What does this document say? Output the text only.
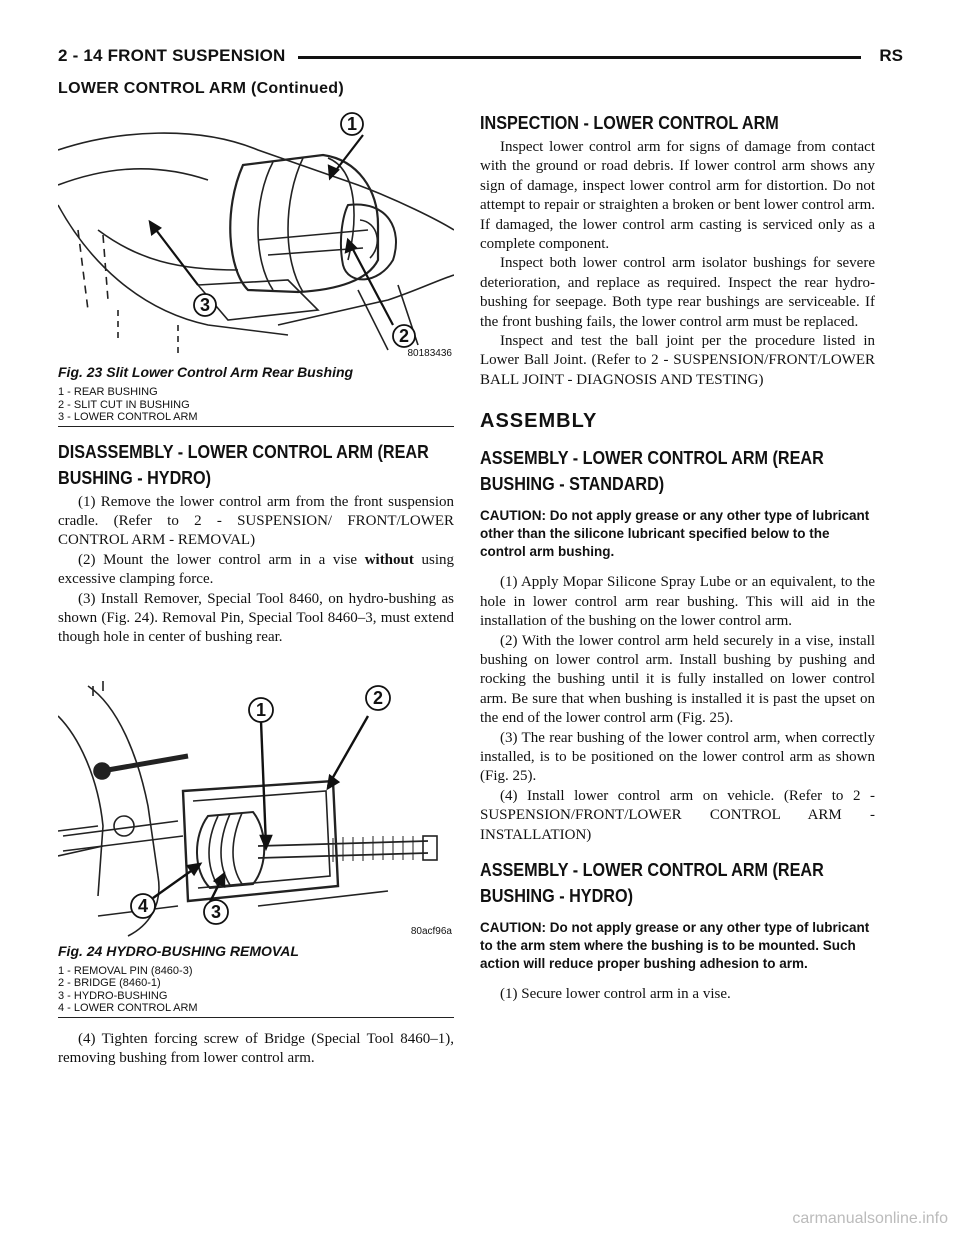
2 - 14 FRONT SUSPENSION	RS
LOWER CONTROL ARM (Continued)
1
2
3
80183436
Fig. 23 Slit Lower Control Arm Rear Bushing
1 - REAR BUSHING
2 - SLIT CUT IN BUSHING
3 - LOWER CONTROL ARM
DISASSEMBLY - LOWER CONTROL ARM (REAR BUSHING - HYDRO)

(1) Remove the lower control arm from the front suspension cradle. (Refer to 2 - SUSPENSION/ FRONT/LOWER CONTROL ARM - REMOVAL)

(2) Mount the lower control arm in a vise without using excessive clamping force.

(3) Install Remover, Special Tool 8460, on hydro-bushing as shown (Fig. 24). Removal Pin, Special Tool 8460–3, must extend though hole in center of bushing rear.

1
2
3
4
80acf96a
Fig. 24 HYDRO-BUSHING REMOVAL
1 - REMOVAL PIN (8460-3)
2 - BRIDGE (8460-1)
3 - HYDRO-BUSHING
4 - LOWER CONTROL ARM

(4) Tighten forcing screw of Bridge (Special Tool 8460–1), removing bushing from lower control arm.

INSPECTION - LOWER CONTROL ARM

Inspect lower control arm for signs of damage from contact with the ground or road debris. If lower control arm shows any sign of damage, inspect lower control arm for distortion. Do not attempt to repair or straighten a broken or bent lower control arm. If damaged, the lower control arm casting is serviced only as a complete component.

Inspect both lower control arm isolator bushings for severe deterioration, and replace as required. Inspect the rear hydro-bushing for seepage. Both type rear bushings are serviceable. If the front bushing fails, the lower control arm must be replaced.

Inspect and test the ball joint per the procedure listed in Lower Ball Joint. (Refer to 2 - SUSPENSION/FRONT/LOWER BALL JOINT - DIAGNOSIS AND TESTING)

ASSEMBLY
ASSEMBLY - LOWER CONTROL ARM (REAR BUSHING - STANDARD)

CAUTION: Do not apply grease or any other type of lubricant other than the silicone lubricant specified below to the control arm bushing.

(1) Apply Mopar Silicone Spray Lube or an equivalent, to the hole in lower control arm rear bushing. This will aid in the installation of the bushing on the lower control arm.

(2) With the lower control arm held securely in a vise, install bushing on lower control arm. Install bushing by pushing and rocking the bushing until it is fully installed on lower control arm. Be sure that when bushing is installed it is past the upset on the end of the lower control arm (Fig. 25).

(3) The rear bushing of the lower control arm, when correctly installed, is to be positioned on the lower control arm as shown (Fig. 25).

(4) Install lower control arm on vehicle. (Refer to 2 - SUSPENSION/FRONT/LOWER CONTROL ARM - INSTALLATION)

ASSEMBLY - LOWER CONTROL ARM (REAR BUSHING - HYDRO)

CAUTION: Do not apply grease or any other type of lubricant to the arm stem where the bushing is to be mounted. Such action will reduce proper bushing adhesion to arm.

(1) Secure lower control arm in a vise.

carmanualsonline.info
